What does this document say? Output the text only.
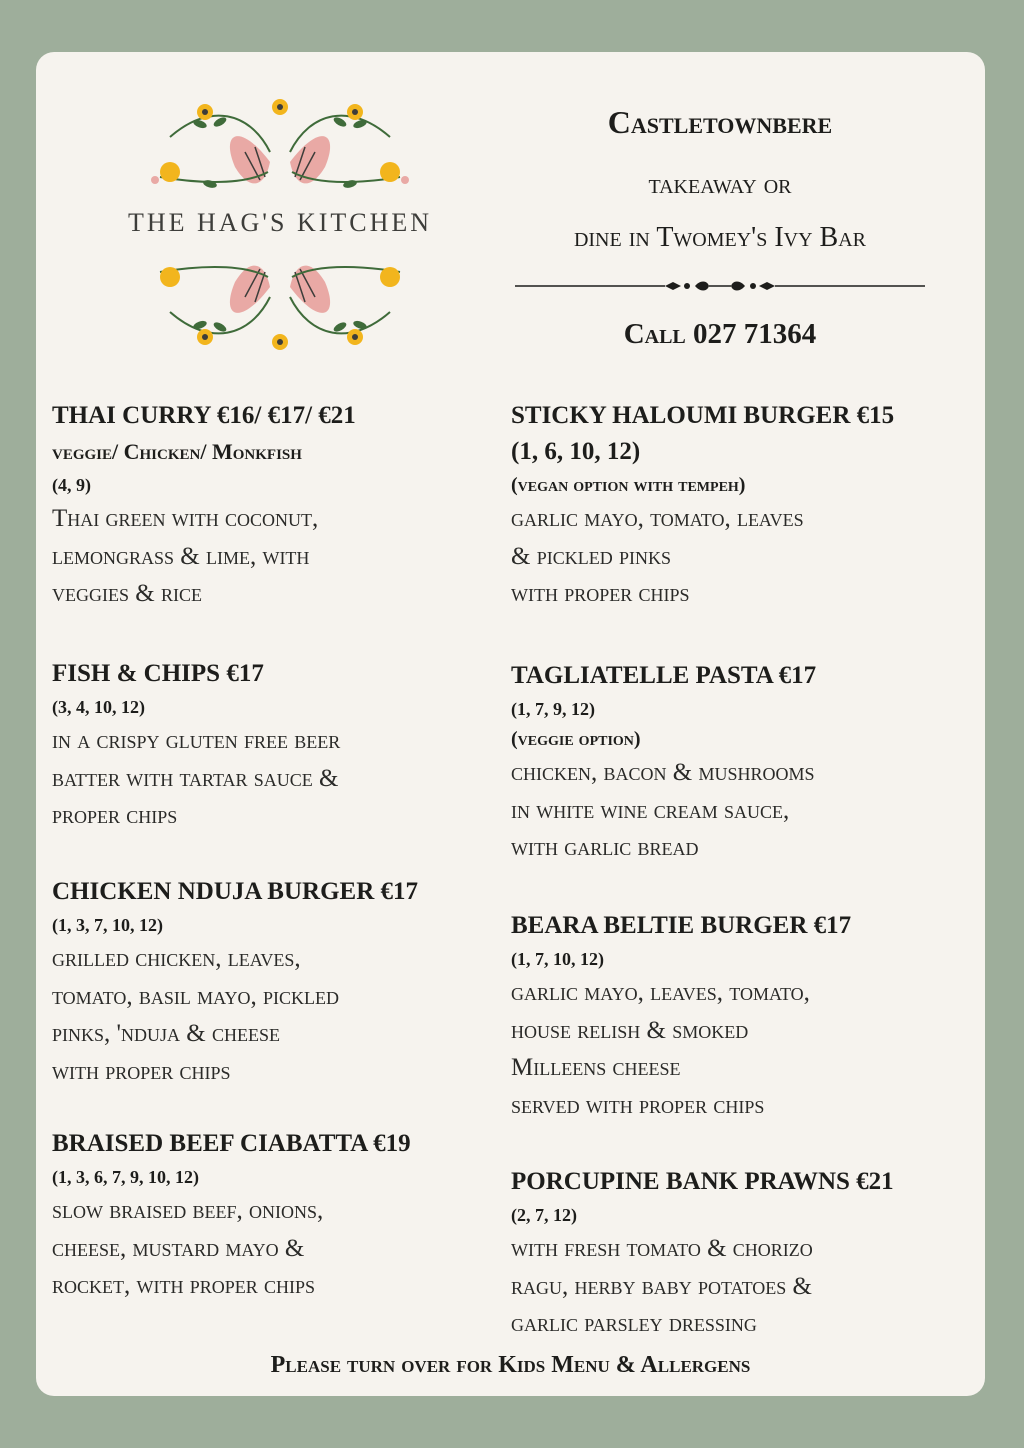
THE HAG'S KITCHEN
Castletownbere
takeaway or
dine in Twomey's Ivy Bar
Call 027 71364
THAI CURRY €16/ €17/ €21
veggie/ Chicken/ Monkfish
(4, 9)
Thai green with coconut,
lemongrass & lime, with
veggies & rice
FISH & CHIPS €17
(3, 4, 10, 12)
in a crispy gluten free beer
batter with tartar sauce &
proper chips
CHICKEN NDUJA BURGER €17
(1, 3, 7, 10, 12)
grilled chicken, leaves,
tomato, basil mayo, pickled
pinks, 'nduja & cheese
with proper chips
BRAISED BEEF CIABATTA €19
(1, 3, 6, 7, 9, 10, 12)
slow braised beef, onions,
cheese, mustard mayo &
rocket, with proper chips
STICKY HALOUMI BURGER €15
(1, 6, 10, 12)
(vegan option with tempeh)
garlic mayo, tomato, leaves
& pickled pinks
with proper chips
TAGLIATELLE PASTA €17
(1, 7, 9, 12)
(veggie option)
chicken, bacon & mushrooms
in white wine cream sauce,
with garlic bread
BEARA BELTIE BURGER €17
(1, 7, 10, 12)
garlic mayo, leaves, tomato,
house relish & smoked
Milleens cheese
served with proper chips
PORCUPINE BANK PRAWNS €21
(2, 7, 12)
with fresh tomato & chorizo
ragu, herby baby potatoes &
garlic parsley dressing
Please turn over for Kids Menu & Allergens
